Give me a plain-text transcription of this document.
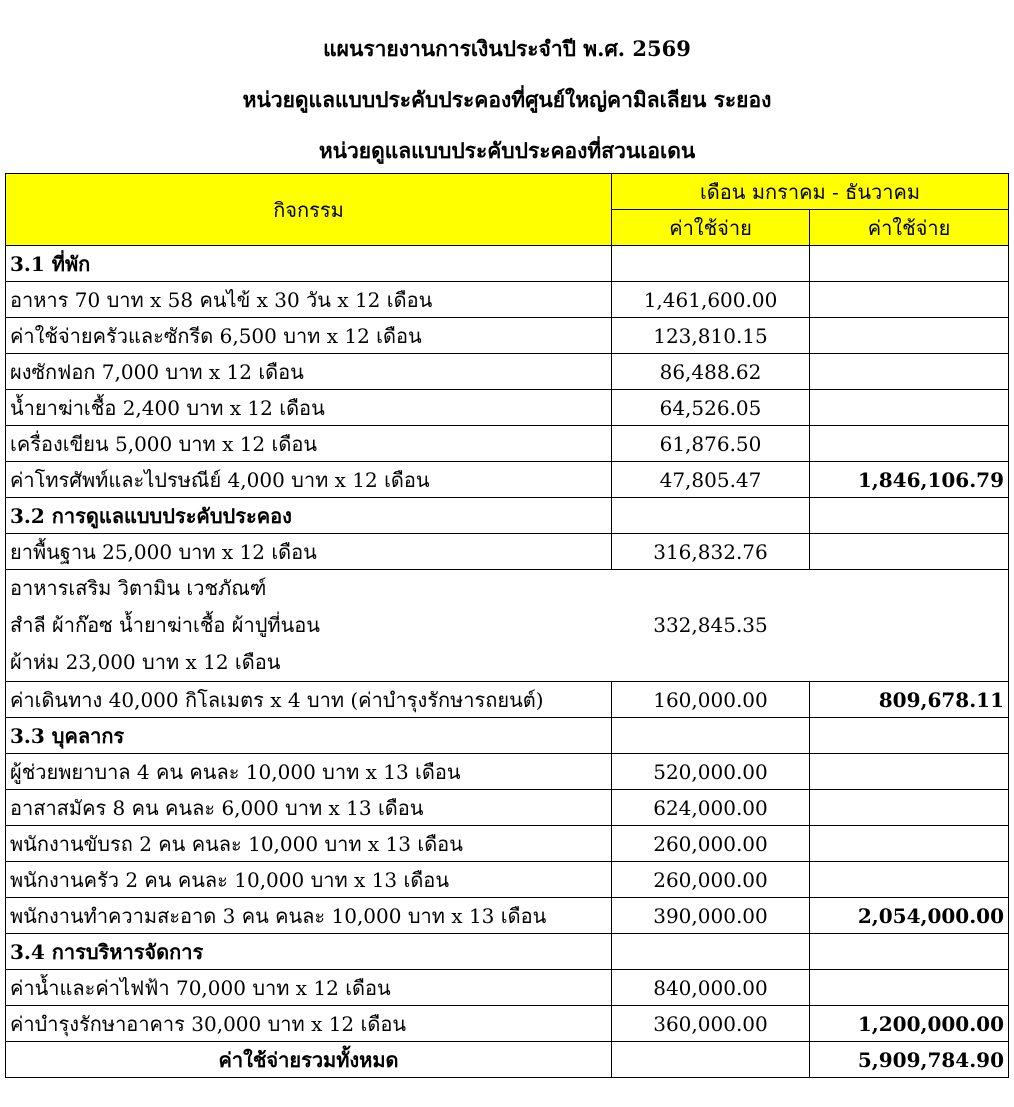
แผนรายงานการเงินประจำปี พ.ศ. 2569
หน่วยดูแลแบบประคับประคองที่ศูนย์ใหญ่คามิลเลียน ระยอง
หน่วยดูแลแบบประคับประคองที่สวนเอเดน
กิจกรรม	เดือน มกราคม - ธันวาคม	
	ค่าใช้จ่าย	ค่าใช้จ่าย
3.1 ที่พัก		
อาหาร 70 บาท x 58 คนไข้ x 30 วัน x 12 เดือน	1,461,600.00	
ค่าใช้จ่ายครัวและซักรีด 6,500 บาท x 12 เดือน	123,810.15	
ผงซักฟอก 7,000 บาท x 12 เดือน	86,488.62	
น้ำยาฆ่าเชื้อ 2,400 บาท x 12 เดือน	64,526.05	
เครื่องเขียน 5,000 บาท x 12 เดือน	61,876.50	
ค่าโทรศัพท์และไปรษณีย์ 4,000 บาท x 12 เดือน	47,805.47	1,846,106.79
3.2 การดูแลแบบประคับประคอง		
ยาพื้นฐาน 25,000 บาท x 12 เดือน	316,832.76	

อาหารเสริม วิตามิน เวชภัณฑ์
สำลี ผ้าก๊อซ น้ำยาฆ่าเชื้อ ผ้าปูที่นอน
ผ้าห่ม 23,000 บาท x 12 เดือน	332,845.35	

ค่าเดินทาง 40,000 กิโลเมตร x 4 บาท (ค่าบำรุงรักษารถยนต์)	160,000.00	809,678.11
3.3 บุคลากร		
ผู้ช่วยพยาบาล 4 คน คนละ 10,000 บาท x 13 เดือน	520,000.00	
อาสาสมัคร 8 คน คนละ 6,000 บาท x 13 เดือน	624,000.00	
พนักงานขับรถ 2 คน คนละ 10,000 บาท x 13 เดือน	260,000.00	
พนักงานครัว 2 คน คนละ 10,000 บาท x 13 เดือน	260,000.00	
พนักงานทำความสะอาด 3 คน คนละ 10,000 บาท x 13 เดือน	390,000.00	2,054,000.00
3.4 การบริหารจัดการ		
ค่าน้ำและค่าไฟฟ้า 70,000 บาท x 12 เดือน	840,000.00	
ค่าบำรุงรักษาอาคาร 30,000 บาท x 12 เดือน	360,000.00	1,200,000.00
ค่าใช้จ่ายรวมทั้งหมด		5,909,784.90
